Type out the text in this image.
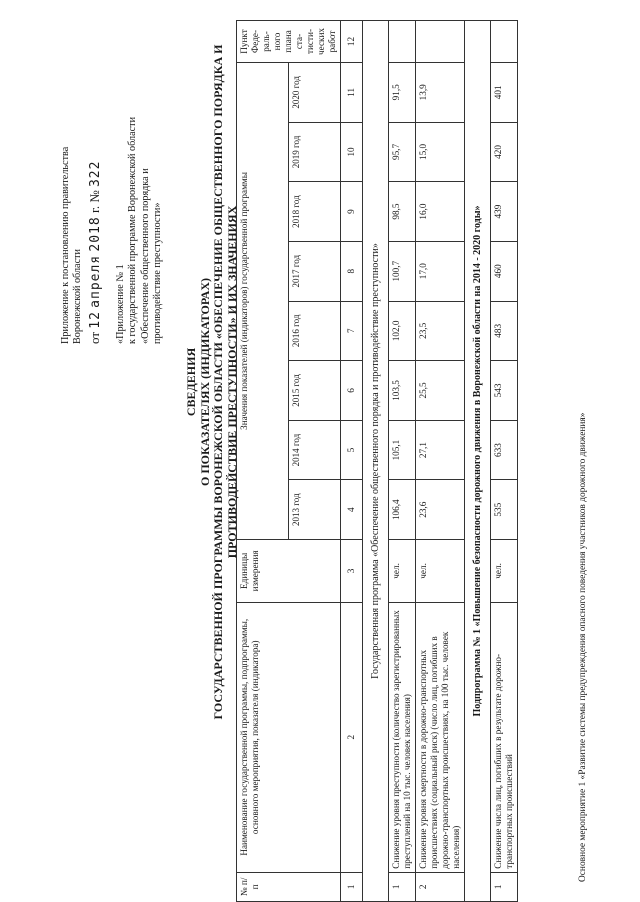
Приложение к постановлению правительства Воронежской области от 12 апреля 2018 г. № 322
«Приложение № 1 к государственной программе Воронежской области «Обеспечение общественного порядка и противодействие преступности»
СВЕДЕНИЯ О ПОКАЗАТЕЛЯХ (ИНДИКАТОРАХ) ГОСУДАРСТВЕННОЙ ПРОГРАММЫ ВОРОНЕЖСКОЙ ОБЛАСТИ «ОБЕСПЕЧЕНИЕ ОБЩЕСТВЕННОГО ПОРЯДКА И ПРОТИВОДЕЙСТВИЕ ПРЕСТУПНОСТИ» И ИХ ЗНАЧЕНИЯХ
№ п/п	Наименование государственной программы, подпрограммы, основного мероприятия, показателя (индикатора)	Единицы измерения	Значения показателей (индикаторов) государственной программы								Пункт Феде-раль-ного плана ста-тисти-ческих работ
			2013 год	2014 год	2015 год	2016 год	2017 год	2018 год	2019 год	2020 год	
1	2	3	4	5	6	7	8	9	10	11	12
Государственная программа «Обеспечение общественного порядка и противодействие преступности»											
1	Снижение уровня преступности (количество зарегистрированных преступлений на 10 тыс. человек населения)	чел.	106,4	105,1	103,5	102,0	100,7	98,5	95,7	91,5	
2	Снижение уровня смертности в дорожно-транспортных происшествиях (социальный риск) (число лиц, погибших в дорожно-транспортных происшествиях, на 100 тыс. человек населения)	чел.	23,6	27,1	25,5	23,5	17,0	16,0	15,0	13,9	
Подпрограмма № 1 «Повышение безопасности дорожного движения в Воронежской области на 2014 - 2020 годы»											
1	Снижение числа лиц, погибших в результате дорожно-транспортных происшествий	чел.	535	633	543	483	460	439	420	401	
Основное мероприятие 1 «Развитие системы предупреждения опасного поведения участников дорожного движения»
